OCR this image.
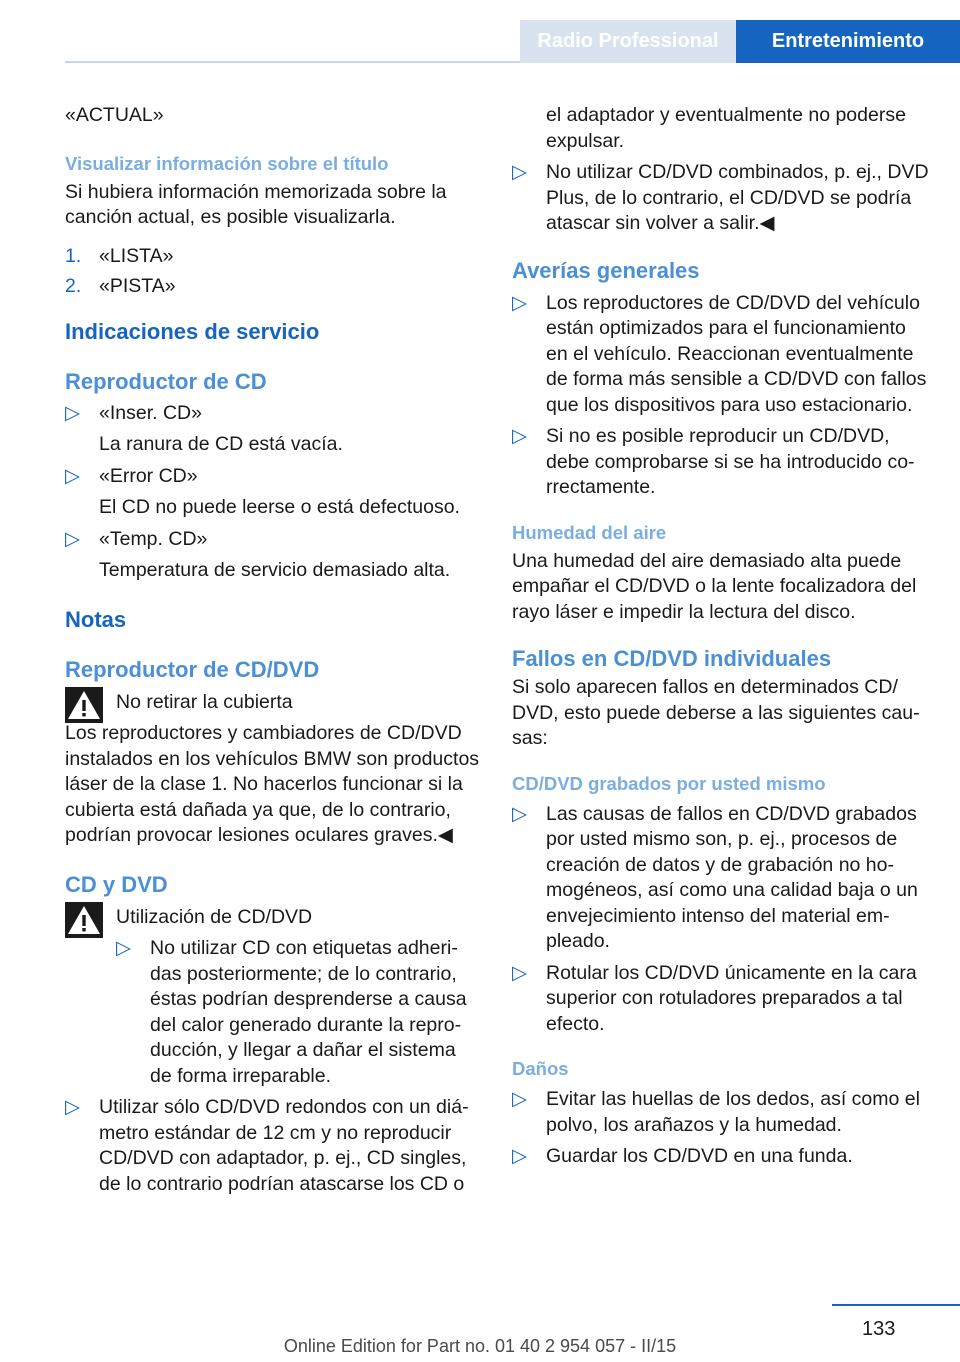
Radio Professional	Entretenimiento

«ACTUAL»

Visualizar información sobre el título

Si hubiera información memorizada sobre la canción actual, es posible visualizarla.

1. «LISTA»
2. «PISTA»

Indicaciones de servicio

Reproductor de CD

▷ «Inser. CD»
La ranura de CD está vacía.
▷ «Error CD»
El CD no puede leerse o está defectuoso.
▷ «Temp. CD»
Temperatura de servicio demasiado alta.

Notas

Reproductor de CD/DVD

No retirar la cubierta

Los reproductores y cambiadores de CD/DVD instalados en los vehículos BMW son productos láser de la clase 1. No hacerlos funcionar si la cubierta está dañada ya que, de lo contrario, podrían provocar lesiones oculares graves.◀

CD y DVD

Utilización de CD/DVD

▷ No utilizar CD con etiquetas adheridas posteriormente; de lo contrario, éstas podrían desprenderse a causa del calor generado durante la reproducción, y llegar a dañar el sistema de forma irreparable.
▷ Utilizar sólo CD/DVD redondos con un diámetro estándar de 12 cm y no reproducir CD/DVD con adaptador, p. ej., CD singles, de lo contrario podrían atascarse los CD o

el adaptador y eventualmente no poderse expulsar.

▷ No utilizar CD/DVD combinados, p. ej., DVD Plus, de lo contrario, el CD/DVD se podría atascar sin volver a salir.◀

Averías generales

▷ Los reproductores de CD/DVD del vehículo están optimizados para el funcionamiento en el vehículo. Reaccionan eventualmente de forma más sensible a CD/DVD con fallos que los dispositivos para uso estacionario.
▷ Si no es posible reproducir un CD/DVD, debe comprobarse si se ha introducido correctamente.

Humedad del aire

Una humedad del aire demasiado alta puede empañar el CD/DVD o la lente focalizadora del rayo láser e impedir la lectura del disco.

Fallos en CD/DVD individuales

Si solo aparecen fallos en determinados CD/ DVD, esto puede deberse a las siguientes causas:

CD/DVD grabados por usted mismo

▷ Las causas de fallos en CD/DVD grabados por usted mismo son, p. ej., procesos de creación de datos y de grabación no homogéneos, así como una calidad baja o un envejecimiento intenso del material empleado.
▷ Rotular los CD/DVD únicamente en la cara superior con rotuladores preparados a tal efecto.

Daños

▷ Evitar las huellas de los dedos, así como el polvo, los arañazos y la humedad.
▷ Guardar los CD/DVD en una funda.
133
Online Edition for Part no. 01 40 2 954 057 - II/15
